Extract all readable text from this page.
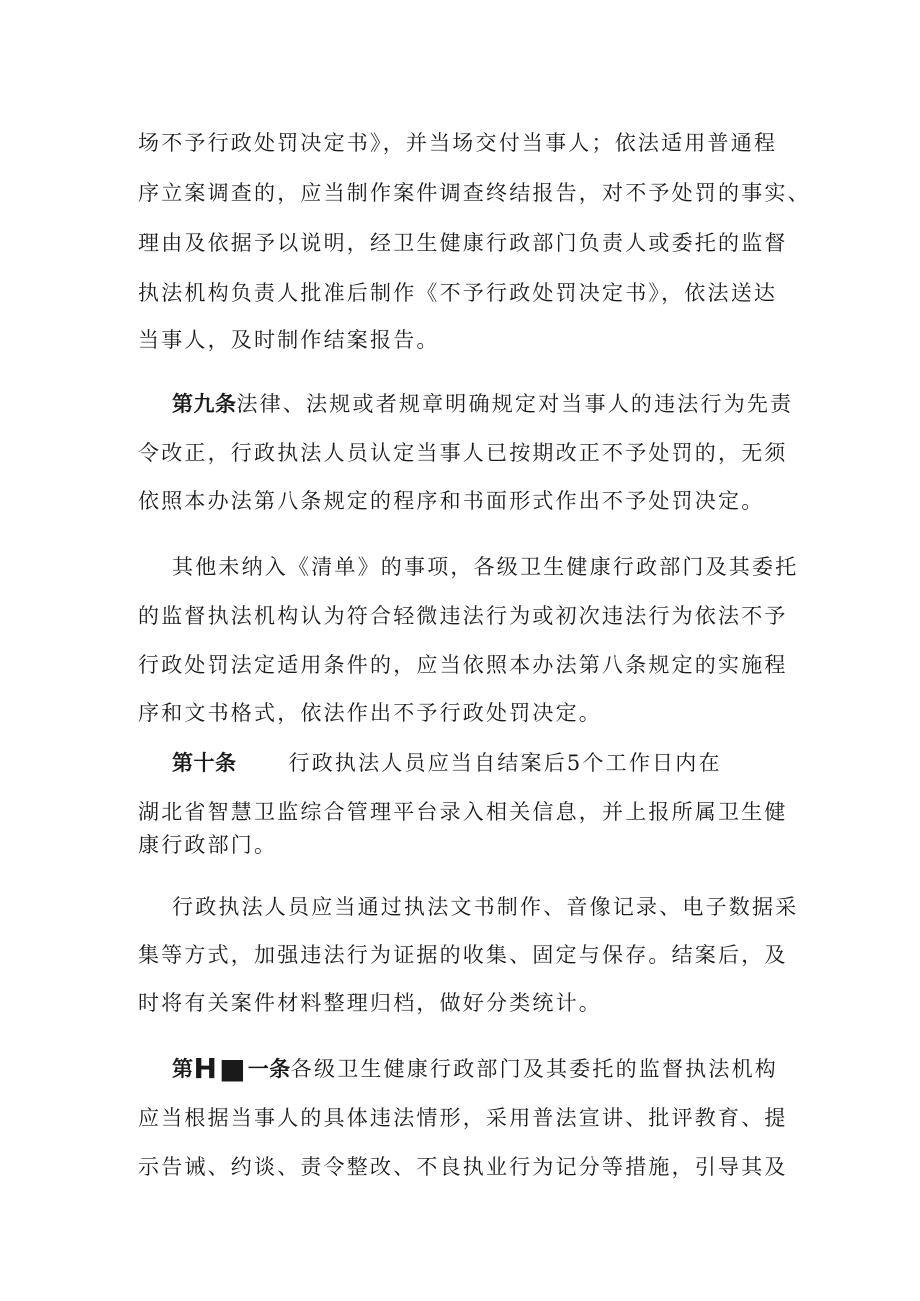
场不予行政处罚决定书》，并当场交付当事人；依法适用普通程
序立案调查的，应当制作案件调查终结报告，对不予处罚的事实、
理由及依据予以说明，经卫生健康行政部门负责人或委托的监督
执法机构负责人批准后制作《不予行政处罚决定书》，依法送达
当事人，及时制作结案报告。
第九条法律、法规或者规章明确规定对当事人的违法行为先责
令改正，行政执法人员认定当事人已按期改正不予处罚的，无须
依照本办法第八条规定的程序和书面形式作出不予处罚决定。
其他未纳入《清单》的事项，各级卫生健康行政部门及其委托
的监督执法机构认为符合轻微违法行为或初次违法行为依法不予
行政处罚法定适用条件的，应当依照本办法第八条规定的实施程
序和文书格式，依法作出不予行政处罚决定。
第十条 行政执法人员应当自结案后5个工作日内在
湖北省智慧卫监综合管理平台录入相关信息，并上报所属卫生健
康行政部门。
行政执法人员应当通过执法文书制作、音像记录、电子数据采
集等方式，加强违法行为证据的收集、固定与保存。结案后，及
时将有关案件材料整理归档，做好分类统计。
第H■一条各级卫生健康行政部门及其委托的监督执法机构
应当根据当事人的具体违法情形，采用普法宣讲、批评教育、提
示告诫、约谈、责令整改、不良执业行为记分等措施，引导其及
